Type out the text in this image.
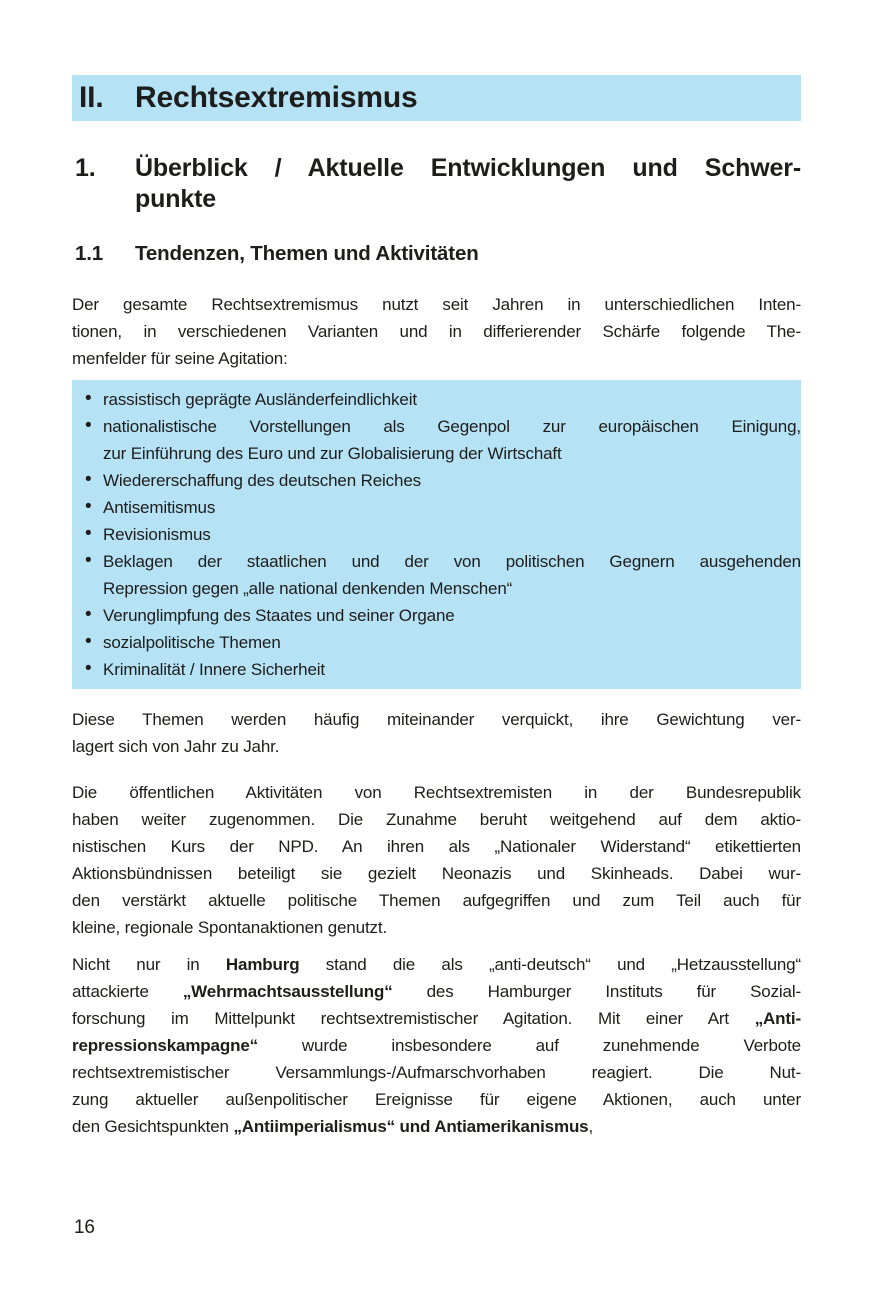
II.	Rechtsextremismus
1.	Überblick / Aktuelle Entwicklungen und Schwer-
punkte
1.1	Tendenzen, Themen und Aktivitäten
Der gesamte Rechtsextremismus nutzt seit Jahren in unterschiedlichen Inten-
tionen, in verschiedenen Varianten und in differierender Schärfe folgende The-
menfelder für seine Agitation:
• rassistisch geprägte Ausländerfeindlichkeit
• nationalistische Vorstellungen als Gegenpol zur europäischen Einigung,
zur Einführung des Euro und zur Globalisierung der Wirtschaft
• Wiedererschaffung des deutschen Reiches
• Antisemitismus
• Revisionismus
• Beklagen der staatlichen und der von politischen Gegnern ausgehenden
Repression gegen „alle national denkenden Menschen“
• Verunglimpfung des Staates und seiner Organe
• sozialpolitische Themen
• Kriminalität / Innere Sicherheit
Diese Themen werden häufig miteinander verquickt, ihre Gewichtung ver-
lagert sich von Jahr zu Jahr.
Die öffentlichen Aktivitäten von Rechtsextremisten in der Bundesrepublik
haben weiter zugenommen. Die Zunahme beruht weitgehend auf dem aktio-
nistischen Kurs der NPD. An ihren als „Nationaler Widerstand“ etikettierten
Aktionsbündnissen beteiligt sie gezielt Neonazis und Skinheads. Dabei wur-
den verstärkt aktuelle politische Themen aufgegriffen und zum Teil auch für
kleine, regionale Spontanaktionen genutzt.
Nicht nur in Hamburg stand die als „anti-deutsch“ und „Hetzausstellung“
attackierte „Wehrmachtsausstellung“ des Hamburger Instituts für Sozial-
forschung im Mittelpunkt rechtsextremistischer Agitation. Mit einer Art „Anti-
repressionskampagne“ wurde insbesondere auf zunehmende Verbote
rechtsextremistischer Versammlungs-/Aufmarschvorhaben reagiert. Die Nut-
zung aktueller außenpolitischer Ereignisse für eigene Aktionen, auch unter
den Gesichtspunkten „Antiimperialismus“ und Antiamerikanismus,
16
